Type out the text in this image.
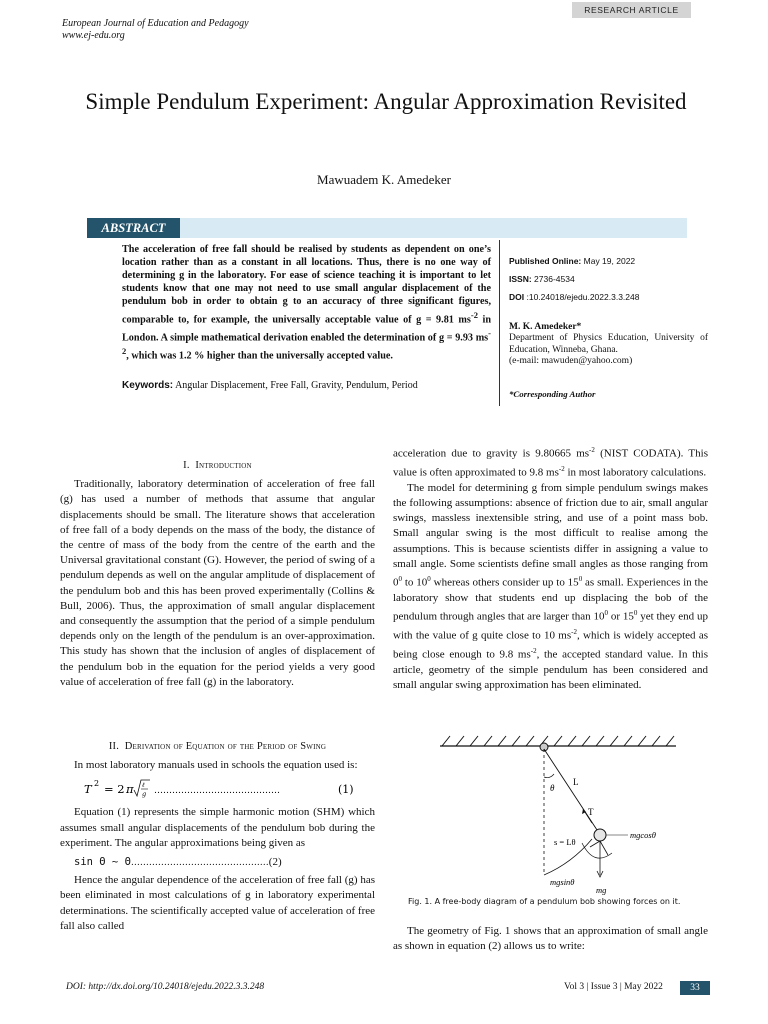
RESEARCH ARTICLE
European Journal of Education and Pedagogy
www.ej-edu.org
Simple Pendulum Experiment: Angular Approximation Revisited
Mawuadem K. Amedeker
ABSTRACT
The acceleration of free fall should be realised by students as dependent on one’s location rather than as a constant in all locations. Thus, there is no one way of determining g in the laboratory. For ease of science teaching it is important to let students know that one may not need to use small angular displacement of the pendulum bob in order to obtain g to an accuracy of three significant figures, comparable to, for example, the universally acceptable value of g = 9.81 $ms^{-2}$ in London. A simple mathematical derivation enabled the determination of g = 9.93 $ms^{-2}$, which was 1.2 % higher than the universally accepted value.
Keywords: Angular Displacement, Free Fall, Gravity, Pendulum, Period
Published Online: May 19, 2022
ISSN: 2736-4534
DOI :10.24018/ejedu.2022.3.3.248
M. K. Amedeker*
Department of Physics Education, University of Education, Winneba, Ghana.
(e-mail: mawuden@yahoo.com)
*Corresponding Author

I. Introduction

Traditionally, laboratory determination of acceleration of free fall (g) has used a number of methods that assume that angular displacements should be small. The literature shows that acceleration of free fall of a body depends on the mass of the body, the distance of the centre of mass of the body from the centre of the earth and the Universal gravitational constant (G). However, the period of swing of a pendulum depends as well on the angular amplitude of displacement of the pendulum bob and this has been proved experimentally (Collins & Bull, 2006). Thus, the approximation of small angular displacement and consequently the assumption that the period of a simple pendulum depends only on the length of the pendulum is an over-approximation. This study has shown that the inclusion of angles of displacement of the pendulum bob in the equation for the period yields a very good value of acceleration of free fall (g) in the laboratory.

II. Derivation of Equation of the Period of Swing

In most laboratory manuals used in schools the equation used is:

T 2 = 2 π ℓ
g ……………………………………	(1)

Equation (1) represents the simple harmonic motion (SHM) which assumes small angular displacements of the pendulum bob during the experiment. The angular approximations being given as

sin Θ ~ Θ…………………………………….…(2)

Hence the angular dependence of the acceleration of free fall (g) has been eliminated in most calculations of g in laboratory experimental determinations. The scientifically accepted value of acceleration of free fall also called

acceleration due to gravity is 9.80665 $ms^{-2}$ (NIST CODATA). This value is often approximated to 9.8 $ms^{-2}$ in most laboratory calculations.

The model for determining g from simple pendulum swings makes the following assumptions: absence of friction due to air, small angular swings, massless inextensible string, and use of a point mass bob. Small angular swing is the most difficult to realise among the assumptions. This is because scientists differ in assigning a value to small angle. Some scientists define small angles as those ranging from $0^0$ to $10^0$ whereas others consider up to $15^0$ as small. Experiences in the laboratory show that students end up displacing the bob of the pendulum through angles that are larger than $10^0$ or $15^0$ yet they end up with the value of g quite close to 10 $ms^{-2}$, which is widely accepted as being close enough to 9.8 $ms^{-2}$, the accepted standard value. In this article, geometry of the simple pendulum has been considered and small angular swing approximation has been eliminated.

θ
L
T
mgcosθ
s = Lθ
mgsinθ
mg
Fig. 1. A free-body diagram of a pendulum bob showing forces on it.

The geometry of Fig. 1 shows that an approximation of small angle as shown in equation (2) allows us to write:

DOI: http://dx.doi.org/10.24018/ejedu.2022.3.3.248	Vol 3 | Issue 3 | May 2022	33
